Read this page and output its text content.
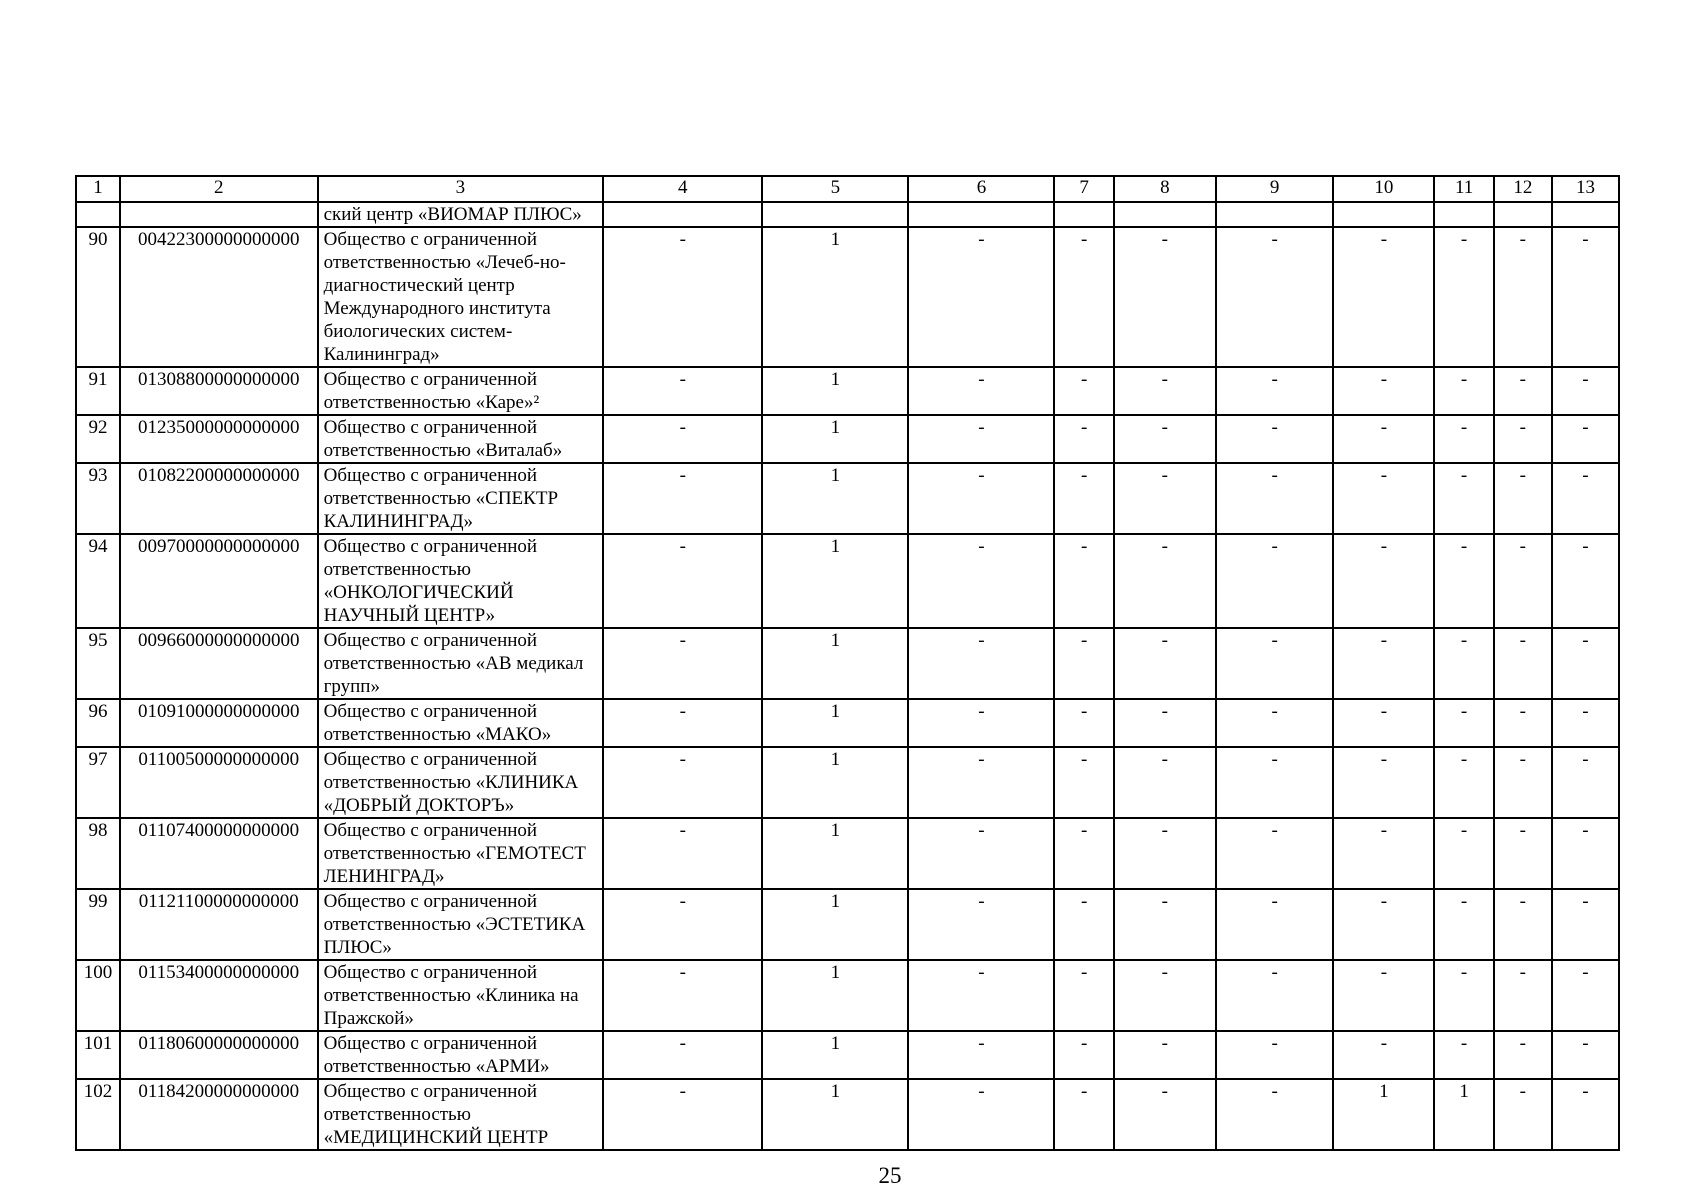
1	2	3	4	5	6	7	8	9	10	11	12	13
		ский центр «ВИОМАР ПЛЮС»										
90	00422300000000000	Общество с ограниченной ответственностью «Лечеб-но-диагностический центр Международного института биологических систем-Калининград»	-	1	-	-	-	-	-	-	-	-
91	01308800000000000	Общество с ограниченной ответственностью «Каре»²	-	1	-	-	-	-	-	-	-	-
92	01235000000000000	Общество с ограниченной ответственностью «Виталаб»	-	1	-	-	-	-	-	-	-	-
93	01082200000000000	Общество с ограниченной ответственностью «СПЕКТР КАЛИНИНГРАД»	-	1	-	-	-	-	-	-	-	-
94	00970000000000000	Общество с ограниченной ответственностью «ОНКОЛОГИЧЕСКИЙ НАУЧНЫЙ ЦЕНТР»	-	1	-	-	-	-	-	-	-	-
95	00966000000000000	Общество с ограниченной ответственностью «АВ медикал групп»	-	1	-	-	-	-	-	-	-	-
96	01091000000000000	Общество с ограниченной ответственностью «МАКО»	-	1	-	-	-	-	-	-	-	-
97	01100500000000000	Общество с ограниченной ответственностью «КЛИНИКА «ДОБРЫЙ ДОКТОРЪ»	-	1	-	-	-	-	-	-	-	-
98	01107400000000000	Общество с ограниченной ответственностью «ГЕМОТЕСТ ЛЕНИНГРАД»	-	1	-	-	-	-	-	-	-	-
99	01121100000000000	Общество с ограниченной ответственностью «ЭСТЕТИКА ПЛЮС»	-	1	-	-	-	-	-	-	-	-
100	01153400000000000	Общество с ограниченной ответственностью «Клиника на Пражской»	-	1	-	-	-	-	-	-	-	-
101	01180600000000000	Общество с ограниченной ответственностью «АРМИ»	-	1	-	-	-	-	-	-	-	-
102	01184200000000000	Общество с ограниченной ответственностью «МЕДИЦИНСКИЙ ЦЕНТР	-	1	-	-	-	-	1	1	-	-
25
